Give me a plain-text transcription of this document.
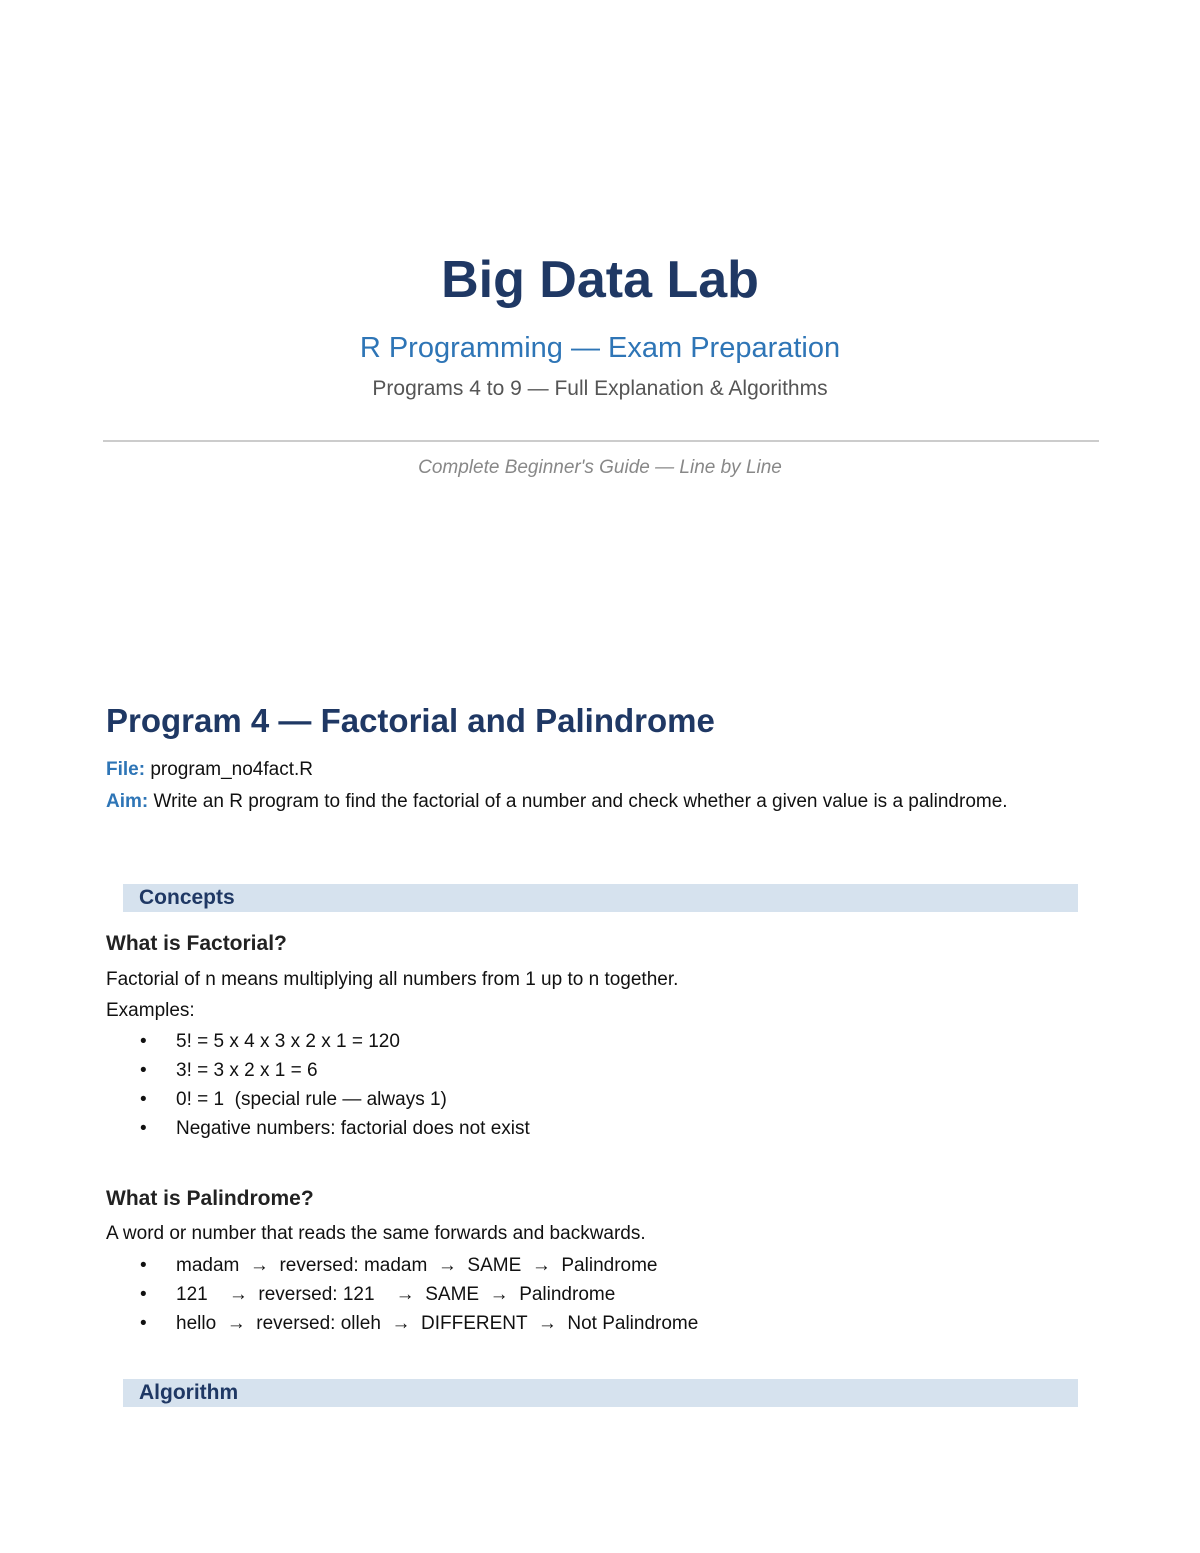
Big Data Lab
R Programming — Exam Preparation
Programs 4 to 9 — Full Explanation & Algorithms
Complete Beginner's Guide — Line by Line
Program 4 — Factorial and Palindrome
File: program_no4fact.R
Aim: Write an R program to find the factorial of a number and check whether a given value is a palindrome.
Concepts
What is Factorial?
Factorial of n means multiplying all numbers from 1 up to n together.
Examples:
•	5! = 5 x 4 x 3 x 2 x 1 = 120
•	3! = 3 x 2 x 1 = 6
•	0! = 1  (special rule — always 1)
•	Negative numbers: factorial does not exist
What is Palindrome?
A word or number that reads the same forwards and backwards.
•	madam  →  reversed: madam  →  SAME  →  Palindrome
•	121    →  reversed: 121    →  SAME  →  Palindrome
•	hello  →  reversed: olleh  →  DIFFERENT  →  Not Palindrome
Algorithm
